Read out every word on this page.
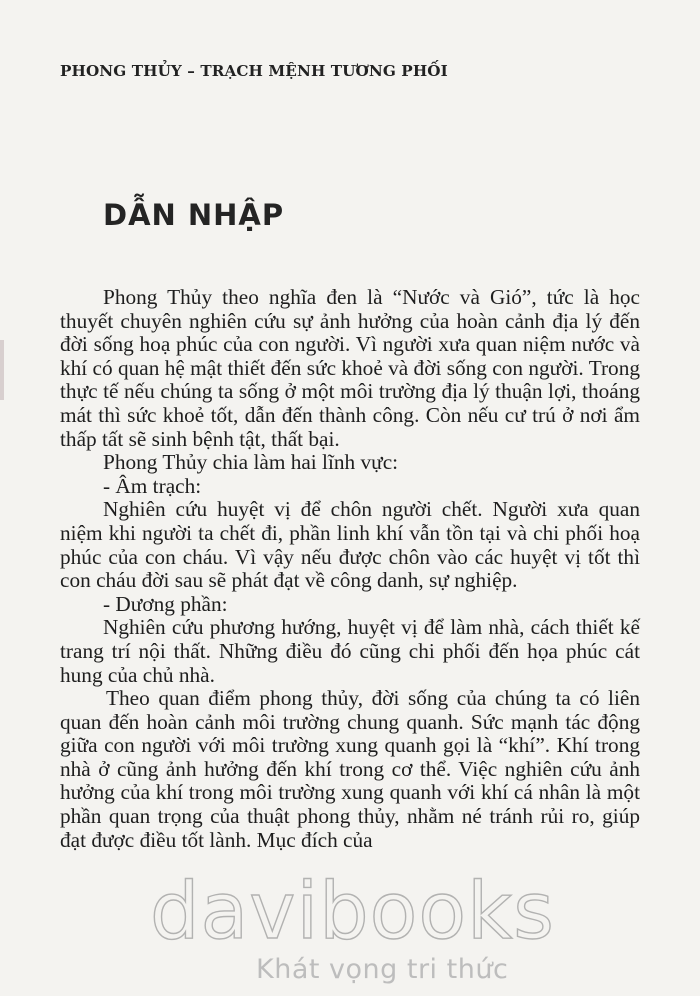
PHONG THỦY – TRẠCH MỆNH TƯƠNG PHỐI
DẪN NHẬP

Phong Thủy theo nghĩa đen là “Nước và Gió”, tức là học thuyết chuyên nghiên cứu sự ảnh hưởng của hoàn cảnh địa lý đến đời sống hoạ phúc của con người. Vì người xưa quan niệm nước và khí có quan hệ mật thiết đến sức khoẻ và đời sống con người. Trong thực tế nếu chúng ta sống ở một môi trường địa lý thuận lợi, thoáng mát thì sức khoẻ tốt, dẫn đến thành công. Còn nếu cư trú ở nơi ẩm thấp tất sẽ sinh bệnh tật, thất bại.

Phong Thủy chia làm hai lĩnh vực:

- Âm trạch:

Nghiên cứu huyệt vị để chôn người chết. Người xưa quan niệm khi người ta chết đi, phần linh khí vẫn tồn tại và chi phối hoạ phúc của con cháu. Vì vậy nếu được chôn vào các huyệt vị tốt thì con cháu đời sau sẽ phát đạt về công danh, sự nghiệp.

- Dương phần:

Nghiên cứu phương hướng, huyệt vị để làm nhà, cách thiết kế trang trí nội thất. Những điều đó cũng chi phối đến họa phúc cát hung của chủ nhà.

Theo quan điểm phong thủy, đời sống của chúng ta có liên quan đến hoàn cảnh môi trường chung quanh. Sức mạnh tác động giữa con người với môi trường xung quanh gọi là “khí”. Khí trong nhà ở cũng ảnh hưởng đến khí trong cơ thể. Việc nghiên cứu ảnh hưởng của khí trong môi trường xung quanh với khí cá nhân là một phần quan trọng của thuật phong thủy, nhằm né tránh rủi ro, giúp đạt được điều tốt lành. Mục đích của

davibooks
Khát vọng tri thức
